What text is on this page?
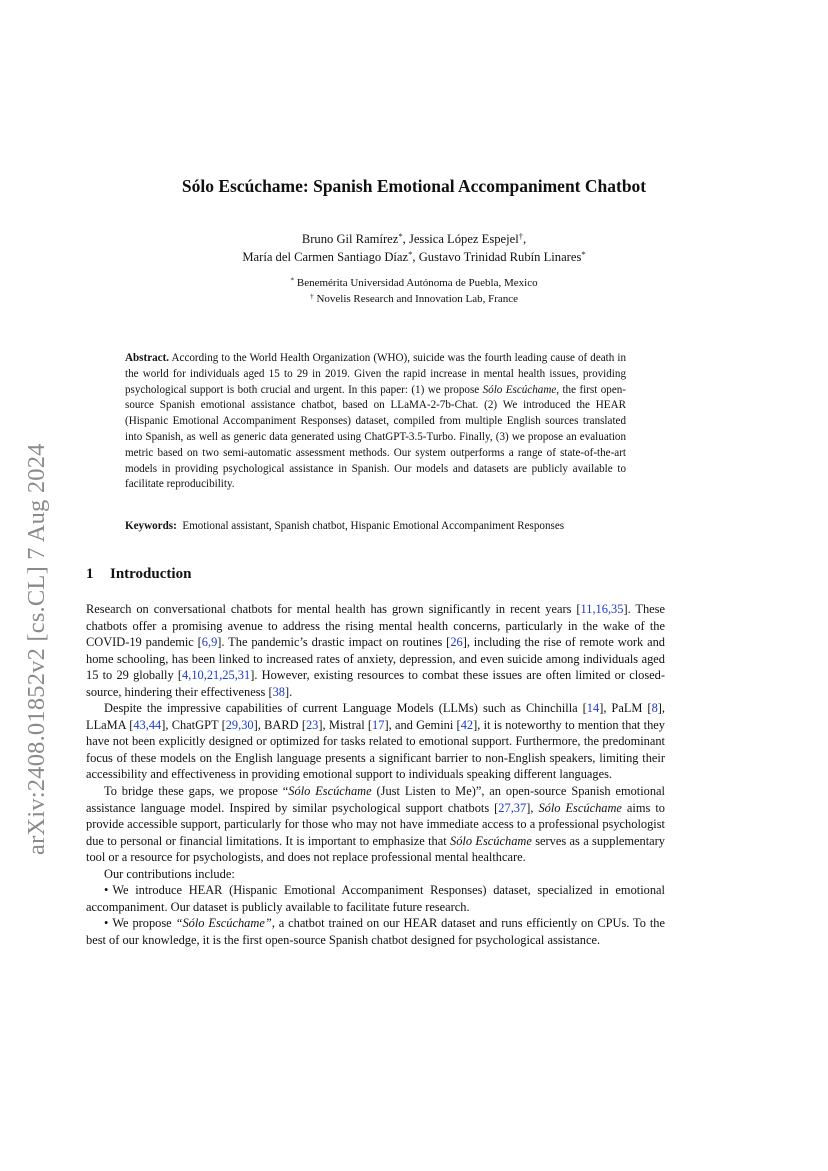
arXiv:2408.01852v2 [cs.CL] 7 Aug 2024
Sólo Escúchame: Spanish Emotional Accompaniment Chatbot
Bruno Gil Ramírez*, Jessica López Espejel†,
María del Carmen Santiago Díaz*, Gustavo Trinidad Rubín Linares*
* Benemérita Universidad Autónoma de Puebla, Mexico
† Novelis Research and Innovation Lab, France
Abstract. According to the World Health Organization (WHO), suicide was the fourth leading cause of death in the world for individuals aged 15 to 29 in 2019. Given the rapid increase in mental health issues, providing psychological support is both crucial and urgent. In this paper: (1) we propose Sólo Escúchame, the first open-source Spanish emotional assistance chatbot, based on LLaMA-2-7b-Chat. (2) We introduced the HEAR (Hispanic Emotional Accompaniment Responses) dataset, compiled from multiple English sources translated into Spanish, as well as generic data generated using ChatGPT-3.5-Turbo. Finally, (3) we propose an evaluation metric based on two semi-automatic assessment methods. Our system outperforms a range of state-of-the-art models in providing psychological assistance in Spanish. Our models and datasets are publicly available to facilitate reproducibility.
Keywords: Emotional assistant, Spanish chatbot, Hispanic Emotional Accompaniment Responses
1 Introduction

Research on conversational chatbots for mental health has grown significantly in recent years [11,16,35]. These chatbots offer a promising avenue to address the rising mental health concerns, particularly in the wake of the COVID-19 pandemic [6,9]. The pandemic’s drastic impact on routines [26], including the rise of remote work and home schooling, has been linked to increased rates of anxiety, depression, and even suicide among individuals aged 15 to 29 globally [4,10,21,25,31]. However, existing resources to combat these issues are often limited or closed-source, hindering their effectiveness [38].

Despite the impressive capabilities of current Language Models (LLMs) such as Chinchilla [14], PaLM [8], LLaMA [43,44], ChatGPT [29,30], BARD [23], Mistral [17], and Gemini [42], it is noteworthy to mention that they have not been explicitly designed or optimized for tasks related to emotional support. Furthermore, the predominant focus of these models on the English language presents a significant barrier to non-English speakers, limiting their accessibility and effectiveness in providing emotional support to individuals speaking different languages.

To bridge these gaps, we propose “Sólo Escúchame (Just Listen to Me)”, an open-source Spanish emotional assistance language model. Inspired by similar psychological support chatbots [27,37], Sólo Escúchame aims to provide accessible support, particularly for those who may not have immediate access to a professional psychologist due to personal or financial limitations. It is important to emphasize that Sólo Escúchame serves as a supplementary tool or a resource for psychologists, and does not replace professional mental healthcare.

Our contributions include:

• We introduce HEAR (Hispanic Emotional Accompaniment Responses) dataset, specialized in emotional accompaniment. Our dataset is publicly available to facilitate future research.

• We propose “Sólo Escúchame”, a chatbot trained on our HEAR dataset and runs efficiently on CPUs. To the best of our knowledge, it is the first open-source Spanish chatbot designed for psychological assistance.
